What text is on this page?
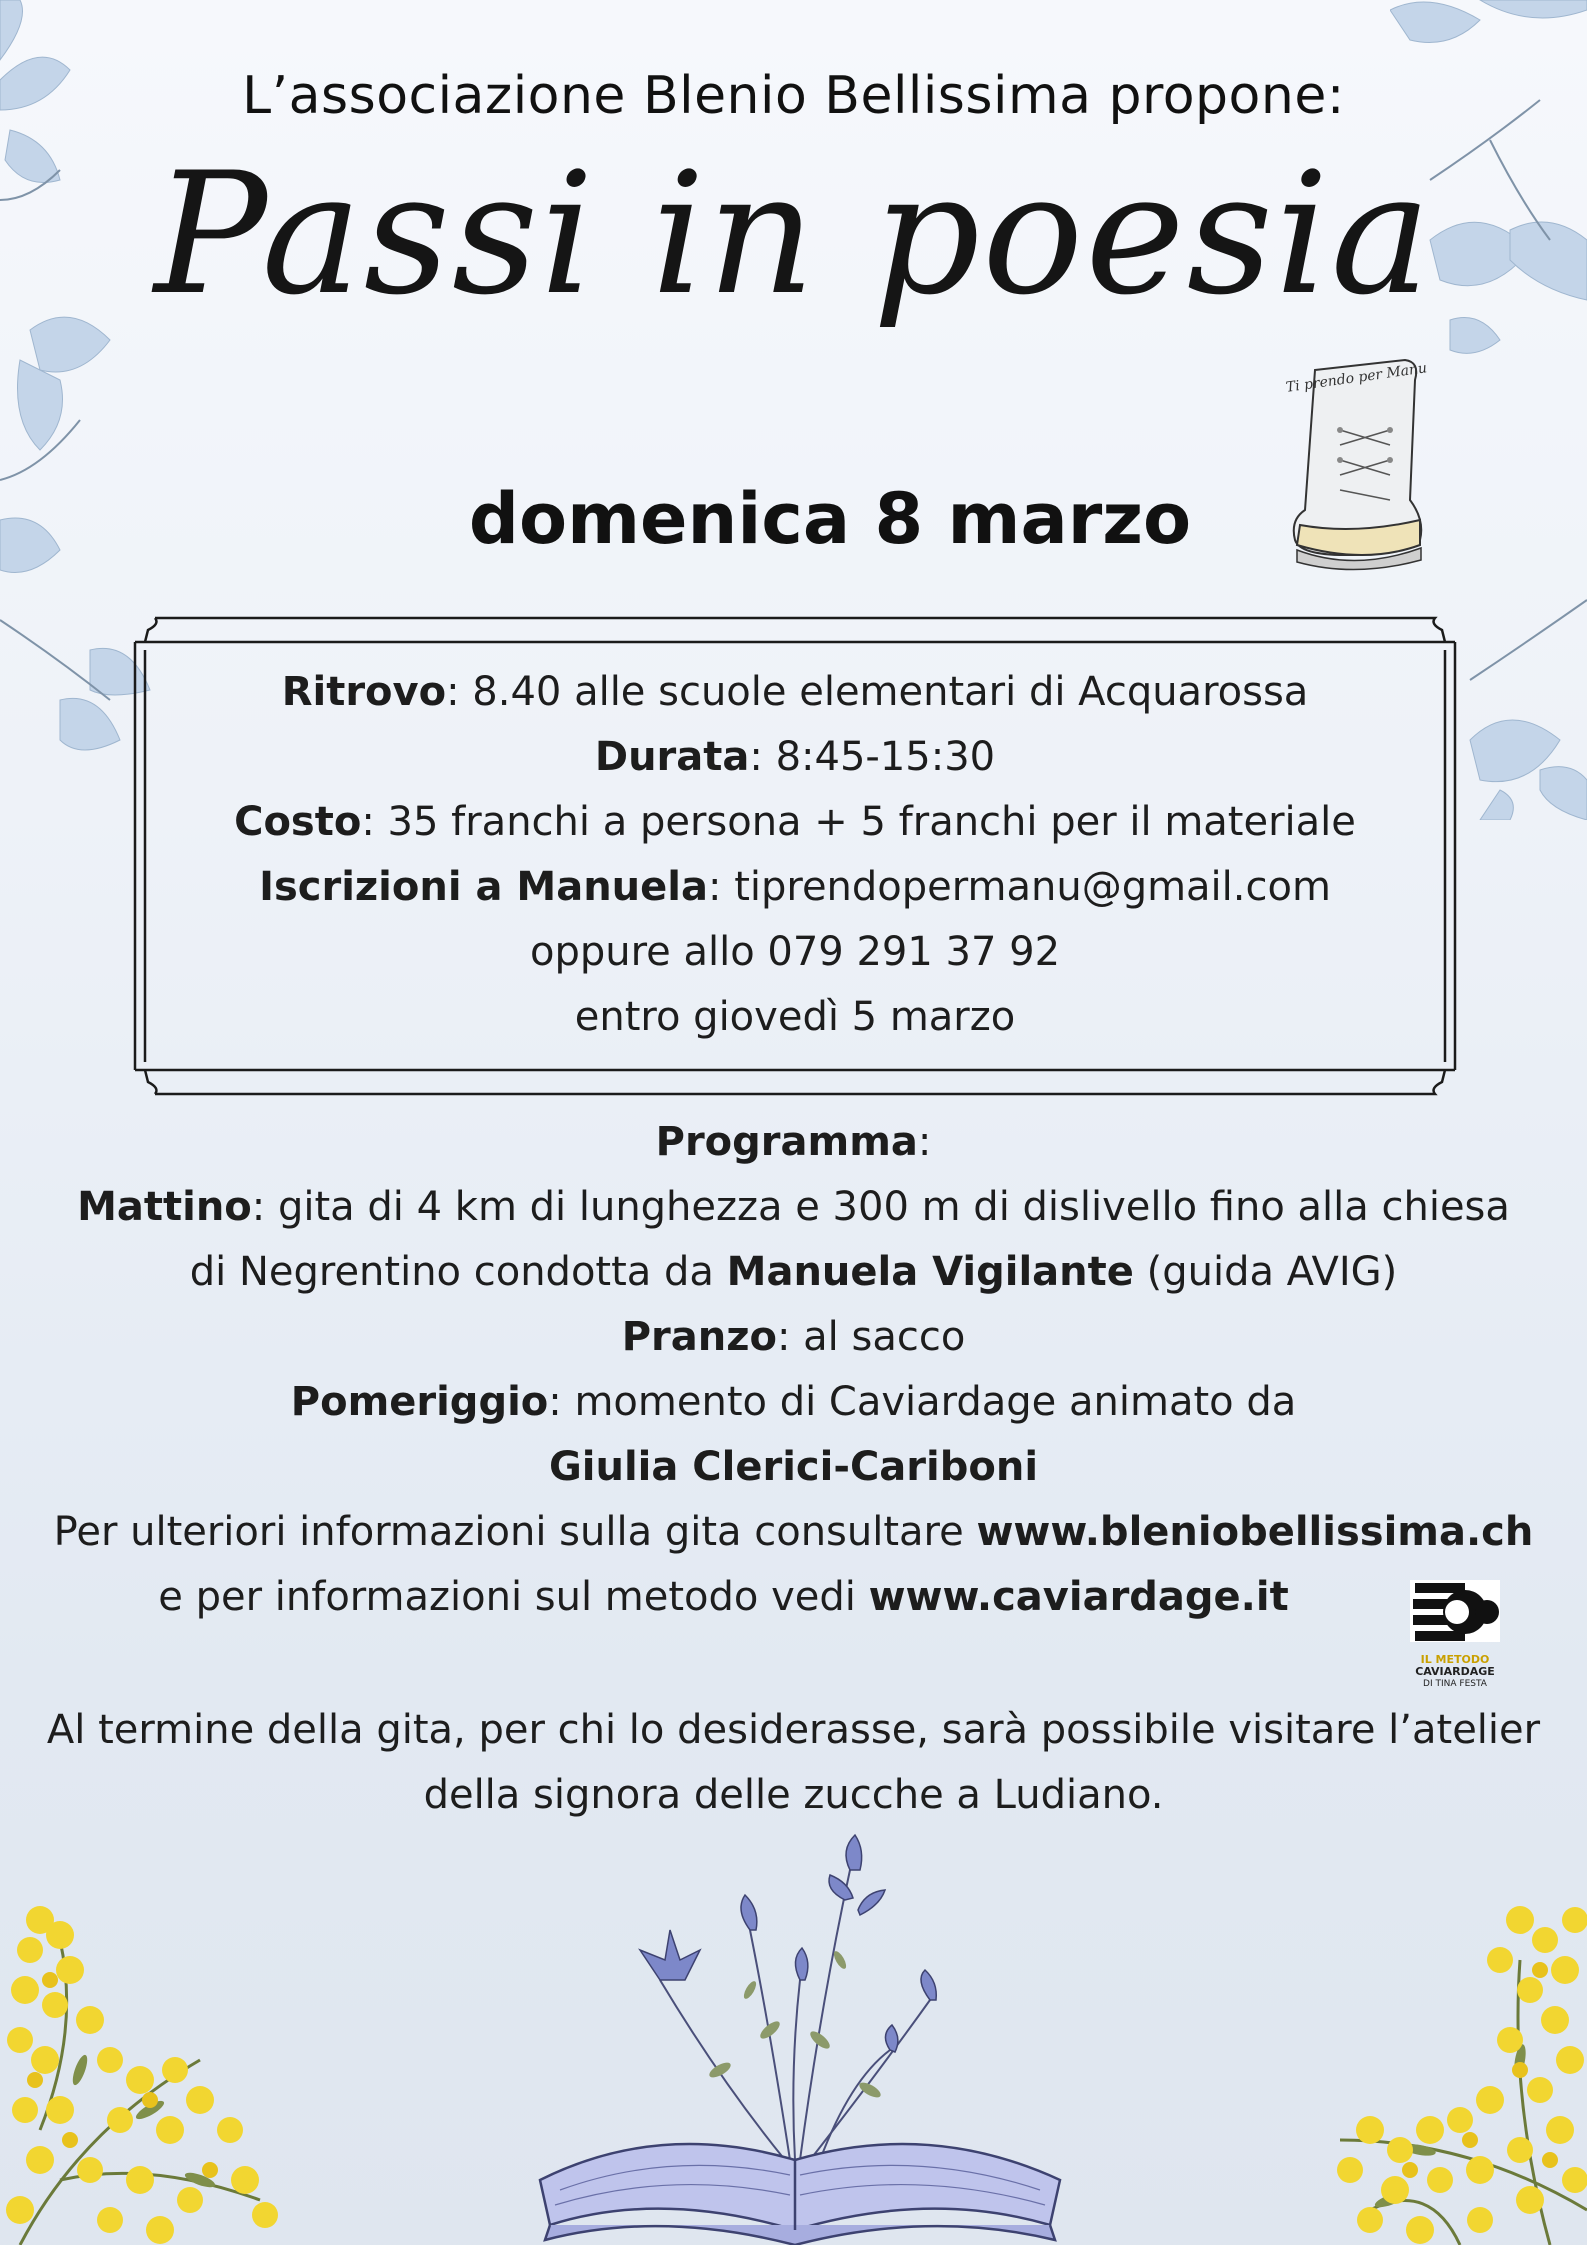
L’associazione Blenio Bellissima propone:
Passi in poesia
domenica 8 marzo
Ti prendo per Manu
Ritrovo: 8.40 alle scuole elementari di Acquarossa
Durata: 8:45-15:30
Costo: 35 franchi a persona + 5 franchi per il materiale
Iscrizioni a Manuela: tiprendopermanu@gmail.com
oppure allo 079 291 37 92
entro giovedì 5 marzo
Programma:
Mattino: gita di 4 km di lunghezza e 300 m di dislivello fino alla chiesa
di Negrentino condotta da Manuela Vigilante (guida AVIG)
Pranzo: al sacco
Pomeriggio: momento di Caviardage animato da
Giulia Clerici-Cariboni
Per ulteriori informazioni sulla gita consultare www.bleniobellissima.ch
e per informazioni sul metodo vedi www.caviardage.it
IL METODO
CAVIARDAGE
DI TINA FESTA
Al termine della gita, per chi lo desiderasse, sarà possibile visitare l’atelier
della signora delle zucche a Ludiano.
